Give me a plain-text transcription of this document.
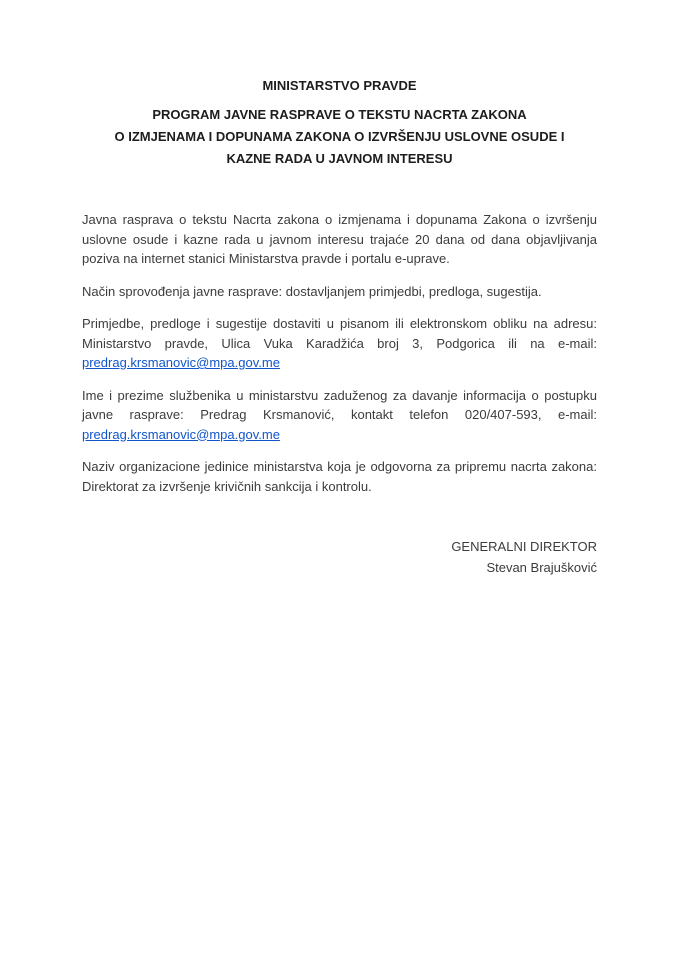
MINISTARSTVO PRAVDE
PROGRAM JAVNE RASPRAVE O TEKSTU NACRTA ZAKONA
O IZMJENAMA I DOPUNAMA ZAKONA O IZVRŠENJU USLOVNE OSUDE I
KAZNE RADA U JAVNOM INTERESU

Javna rasprava o tekstu Nacrta zakona o izmjenama i dopunama Zakona o izvršenju uslovne osude i kazne rada u javnom interesu trajaće 20 dana od dana objavljivanja poziva na internet stanici Ministarstva pravde i portalu e-uprave.

Način sprovođenja javne rasprave: dostavljanjem primjedbi, predloga, sugestija.

Primjedbe, predloge i sugestije dostaviti u pisanom ili elektronskom obliku na adresu: Ministarstvo pravde, Ulica Vuka Karadžića broj 3, Podgorica ili na e-mail: predrag.krsmanovic@mpa.gov.me

Ime i prezime službenika u ministarstvu zaduženog za davanje informacija o postupku javne rasprave: Predrag Krsmanović, kontakt telefon 020/407-593, e-mail: predrag.krsmanovic@mpa.gov.me

Naziv organizacione jedinice ministarstva koja je odgovorna za pripremu nacrta zakona: Direktorat za izvršenje krivičnih sankcija i kontrolu.

GENERALNI DIREKTOR
Stevan Brajušković
